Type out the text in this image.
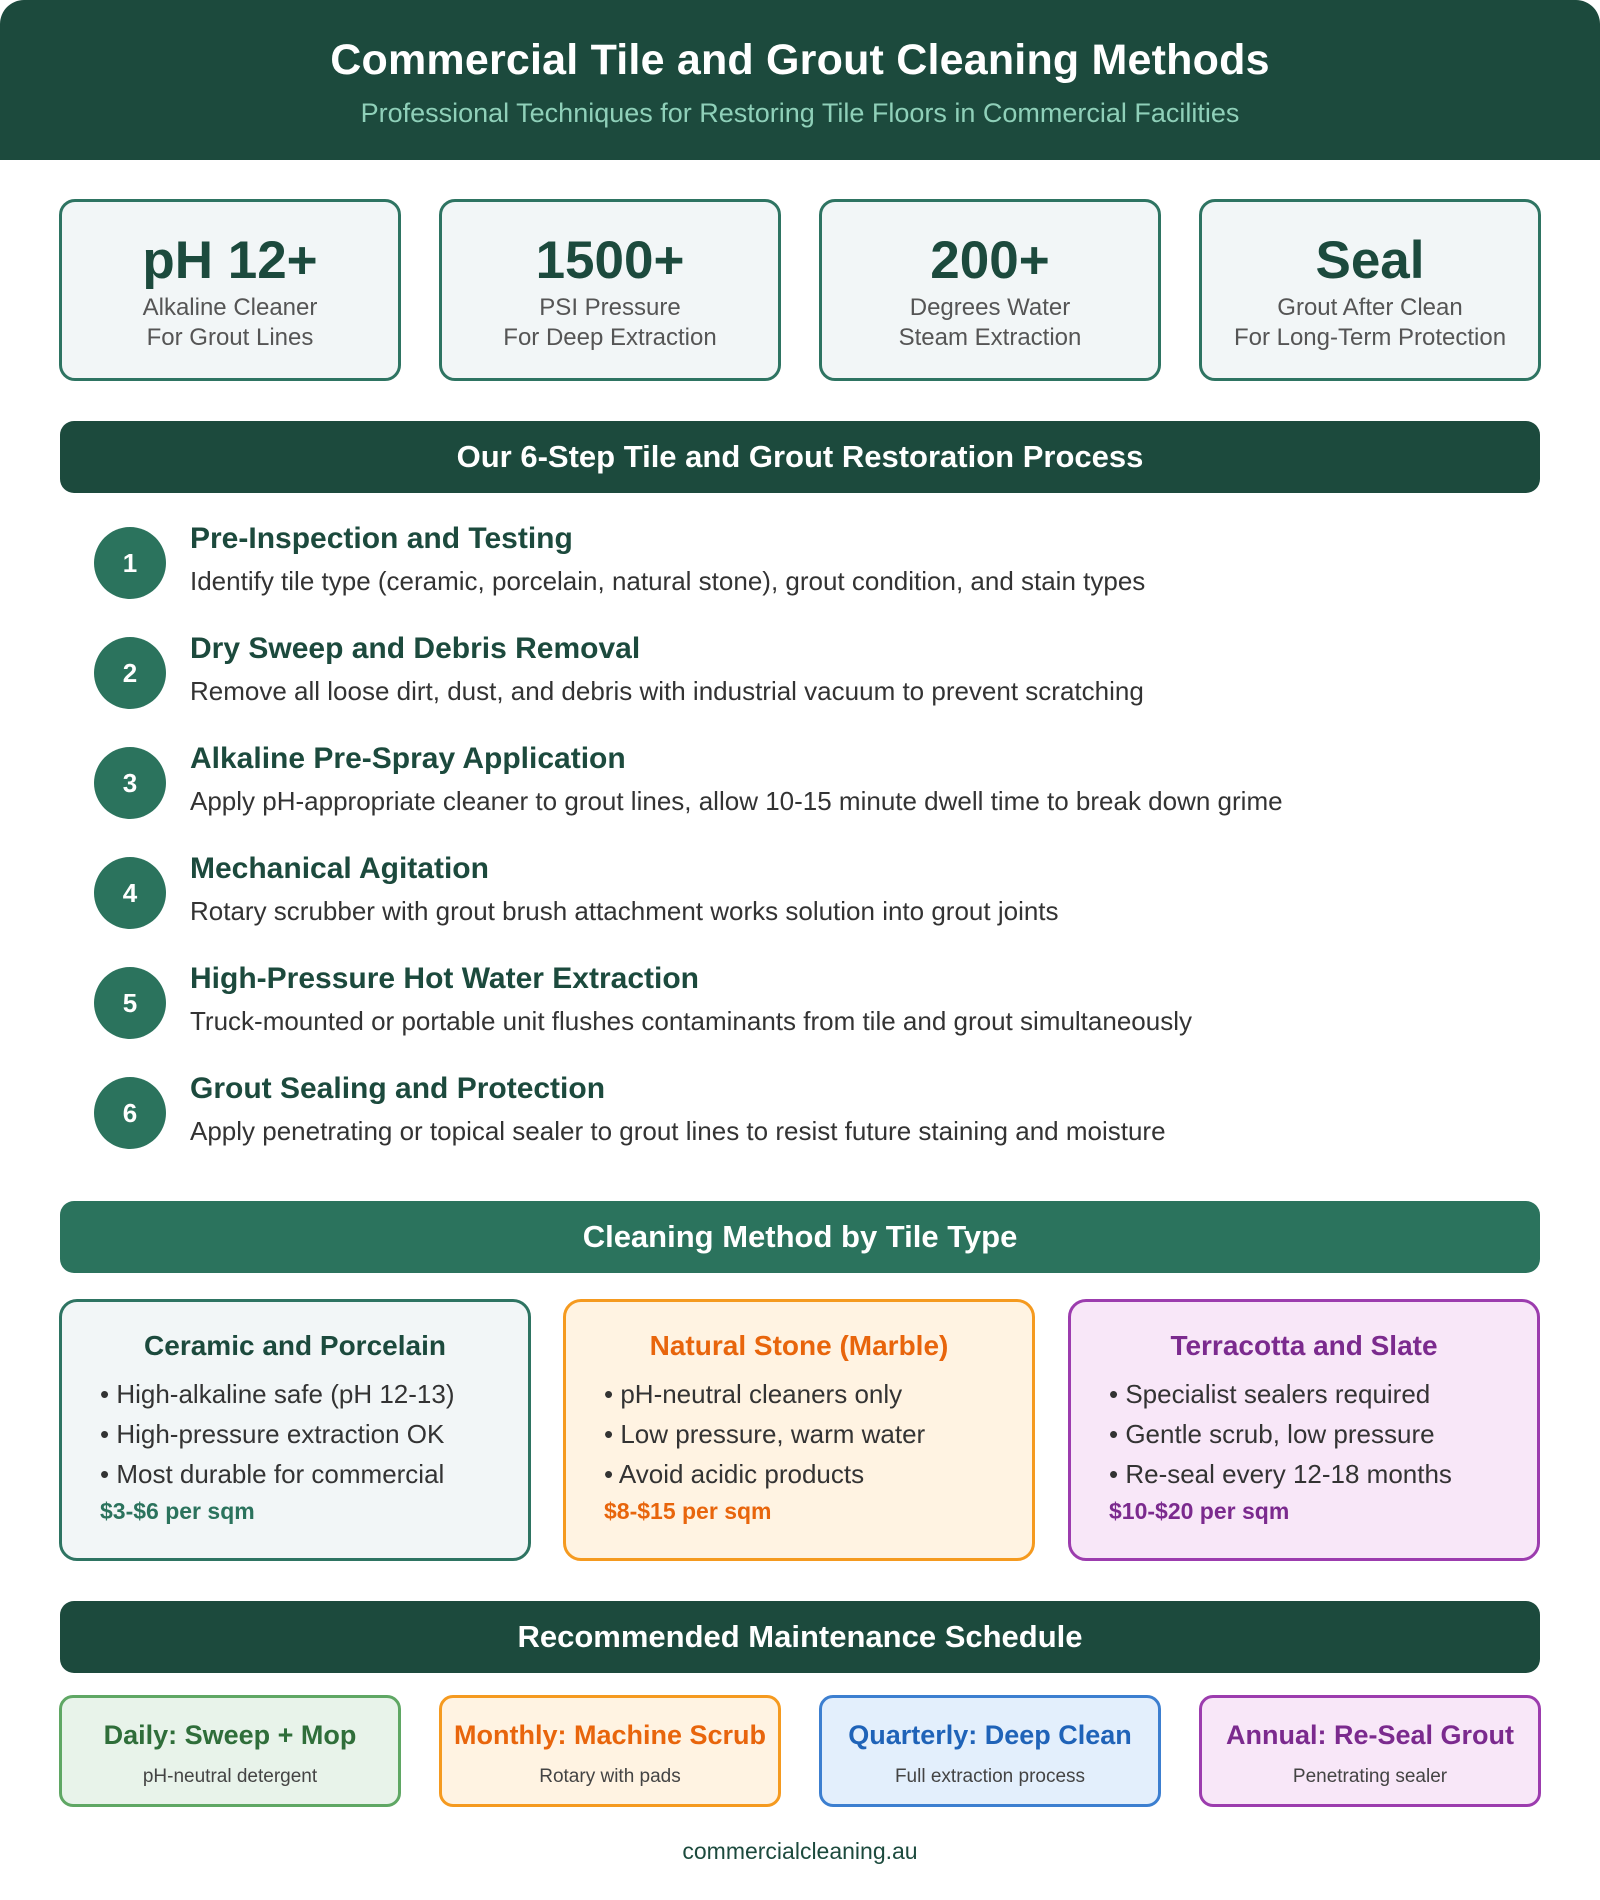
Commercial Tile and Grout Cleaning Methods
Professional Techniques for Restoring Tile Floors in Commercial Facilities
pH 12+
Alkaline Cleaner
For Grout Lines
1500+
PSI Pressure
For Deep Extraction
200+
Degrees Water
Steam Extraction
Seal
Grout After Clean
For Long-Term Protection
Our 6-Step Tile and Grout Restoration Process
1
Pre-Inspection and Testing
Identify tile type (ceramic, porcelain, natural stone), grout condition, and stain types
2
Dry Sweep and Debris Removal
Remove all loose dirt, dust, and debris with industrial vacuum to prevent scratching
3
Alkaline Pre-Spray Application
Apply pH-appropriate cleaner to grout lines, allow 10-15 minute dwell time to break down grime
4
Mechanical Agitation
Rotary scrubber with grout brush attachment works solution into grout joints
5
High-Pressure Hot Water Extraction
Truck-mounted or portable unit flushes contaminants from tile and grout simultaneously
6
Grout Sealing and Protection
Apply penetrating or topical sealer to grout lines to resist future staining and moisture
Cleaning Method by Tile Type
Ceramic and Porcelain
• High-alkaline safe (pH 12-13)
• High-pressure extraction OK
• Most durable for commercial
$3-$6 per sqm
Natural Stone (Marble)
• pH-neutral cleaners only
• Low pressure, warm water
• Avoid acidic products
$8-$15 per sqm
Terracotta and Slate
• Specialist sealers required
• Gentle scrub, low pressure
• Re-seal every 12-18 months
$10-$20 per sqm
Recommended Maintenance Schedule
Daily: Sweep + Mop
pH-neutral detergent
Monthly: Machine Scrub
Rotary with pads
Quarterly: Deep Clean
Full extraction process
Annual: Re-Seal Grout
Penetrating sealer
commercialcleaning.au
